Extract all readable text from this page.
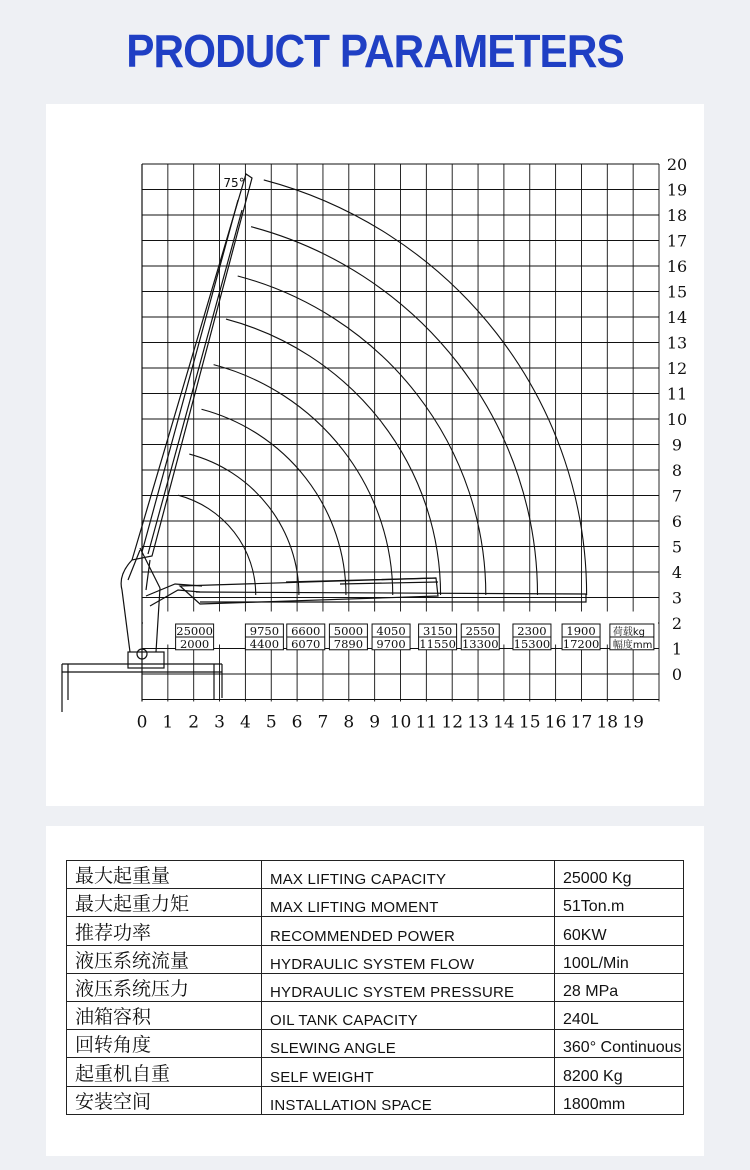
PRODUCT PARAMETERS
75°
25000
2000
9750
4400
6600
6070
5000
7890
4050
9700
3150
11550
2550
13300
2300
15300
1900
17200
荷载kg
幅度mm
0 1 2 3 4 5 6 7 8 9 10 11 12 13 14 15 16 17 18 19
0
1
2
3
4
5
6
7
8
9
10
11
12
13
14
15
16
17
18
19
20
最大起重量	MAX LIFTING CAPACITY	25000 Kg
最大起重力矩	MAX LIFTING MOMENT	51Ton.m
推荐功率	RECOMMENDED POWER	60KW
液压系统流量	HYDRAULIC SYSTEM FLOW	100L/Min
液压系统压力	HYDRAULIC SYSTEM PRESSURE	28 MPa
油箱容积	OIL TANK CAPACITY	240L
回转角度	SLEWING ANGLE	360° Continuous
起重机自重	SELF WEIGHT	8200 Kg
安装空间	INSTALLATION SPACE	1800mm
